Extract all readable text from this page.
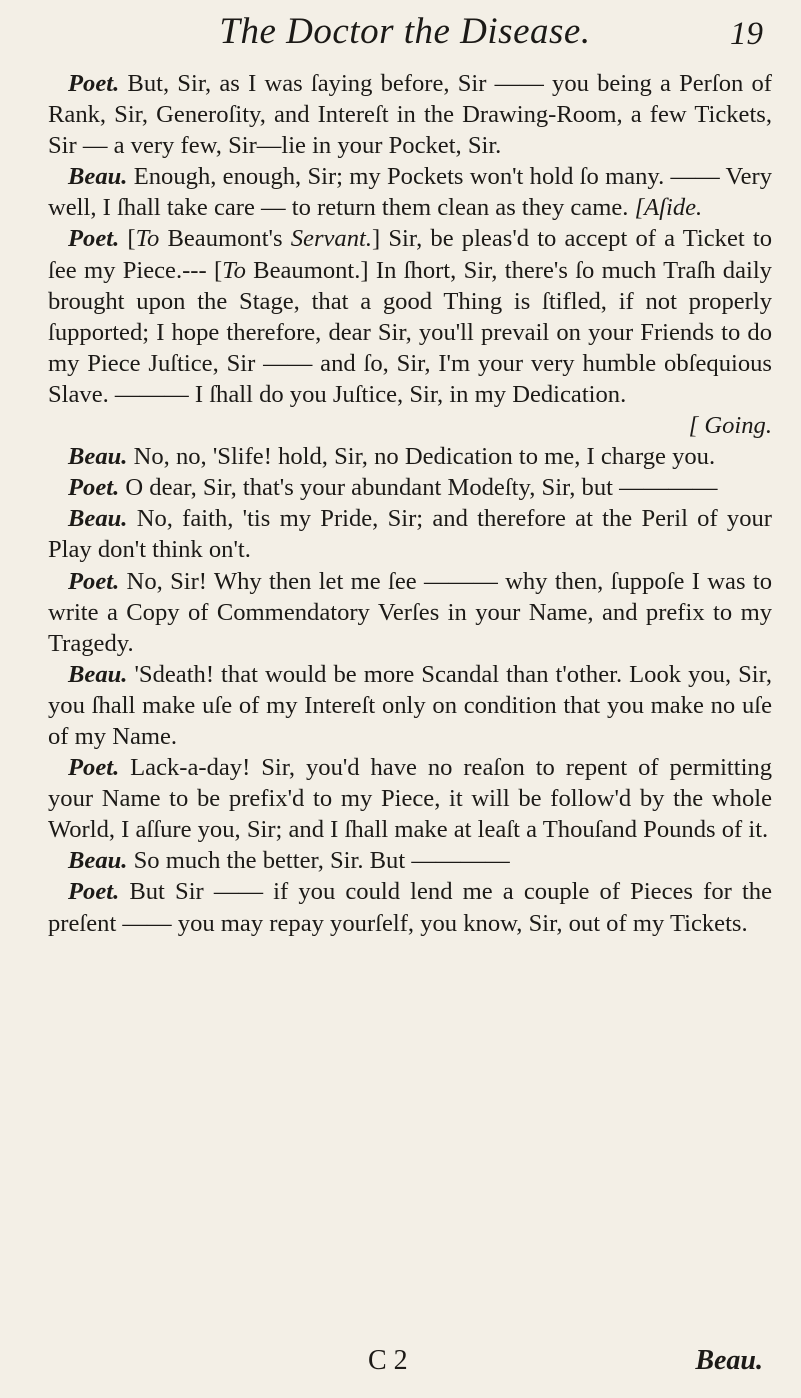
The Doctor the Disease.	19

Poet. But, Sir, as I was ſaying before, Sir —— you being a Perſon of Rank, Sir, Generoſity, and Intereſt in the Drawing-Room, a few Tickets, Sir — a very few, Sir—lie in your Pocket, Sir.

Beau. Enough, enough, Sir; my Pockets won't hold ſo many. —— Very well, I ſhall take care — to return them clean as they came. [Aſide.

Poet. [To Beaumont's Servant.] Sir, be pleas'd to accept of a Ticket to ſee my Piece.--- [To Beaumont.] In ſhort, Sir, there's ſo much Traſh daily brought upon the Stage, that a good Thing is ſtifled, if not properly ſupported; I hope therefore, dear Sir, you'll prevail on your Friends to do my Piece Juſtice, Sir —— and ſo, Sir, I'm your very humble obſequious Slave. ——— I ſhall do you Juſtice, Sir, in my Dedication.

[ Going.

Beau. No, no, 'Slife! hold, Sir, no Dedication to me, I charge you.

Poet. O dear, Sir, that's your abundant Modeſty, Sir, but ————

Beau. No, faith, 'tis my Pride, Sir; and therefore at the Peril of your Play don't think on't.

Poet. No, Sir! Why then let me ſee ——— why then, ſuppoſe I was to write a Copy of Commendatory Verſes in your Name, and prefix to my Tragedy.

Beau. 'Sdeath! that would be more Scandal than t'other. Look you, Sir, you ſhall make uſe of my Intereſt only on condition that you make no uſe of my Name.

Poet. Lack-a-day! Sir, you'd have no reaſon to repent of permitting your Name to be prefix'd to my Piece, it will be follow'd by the whole World, I aſſure you, Sir; and I ſhall make at leaſt a Thouſand Pounds of it.

Beau. So much the better, Sir. But ————

Poet. But Sir —— if you could lend me a couple of Pieces for the preſent —— you may repay yourſelf, you know, Sir, out of my Tickets.

C 2	Beau.
